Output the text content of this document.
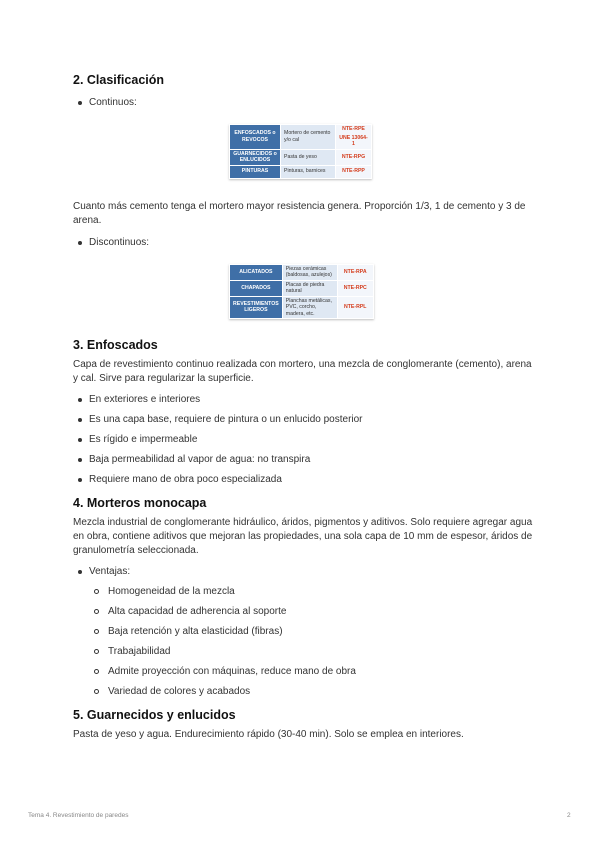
2. Clasificación
Continuos:
ENFOSCADOS o REVOCOS	Mortero de cemento y/o cal	NTE-RPE
UNE 13064-1

GUARNECIDOS o ENLUCIDOS	Pasta de yeso	NTE-RPG
PINTURAS	Pinturas, barnices	NTE-RPP

Cuanto más cemento tenga el mortero mayor resistencia genera. Proporción 1/3, 1 de cemento y 3 de arena.

Discontinuos:
ALICATADOS	Piezas cerámicas (baldosas, azulejos)	NTE-RPA
CHAPADOS	Placas de piedra natural	NTE-RPC
REVESTIMIENTOS LIGEROS	Planchas metálicas, PVC, corcho, madera, etc.	NTE-RPL
3. Enfoscados

Capa de revestimiento continuo realizada con mortero, una mezcla de conglomerante (cemento), arena y cal. Sirve para regularizar la superficie.

En exteriores e interiores
Es una capa base, requiere de pintura o un enlucido posterior
Es rígido e impermeable
Baja permeabilidad al vapor de agua: no transpira
Requiere mano de obra poco especializada
4. Morteros monocapa

Mezcla industrial de conglomerante hidráulico, áridos, pigmentos y aditivos. Solo requiere agregar agua en obra, contiene aditivos que mejoran las propiedades, una sola capa de 10 mm de espesor, áridos de granulometría seleccionada.

Ventajas:
Homogeneidad de la mezcla
Alta capacidad de adherencia al soporte
Baja retención y alta elasticidad (fibras)
Trabajabilidad
Admite proyección con máquinas, reduce mano de obra
Variedad de colores y acabados
5. Guarnecidos y enlucidos

Pasta de yeso y agua. Endurecimiento rápido (30-40 min). Solo se emplea en interiores.

Tema 4. Revestimiento de paredes	2
